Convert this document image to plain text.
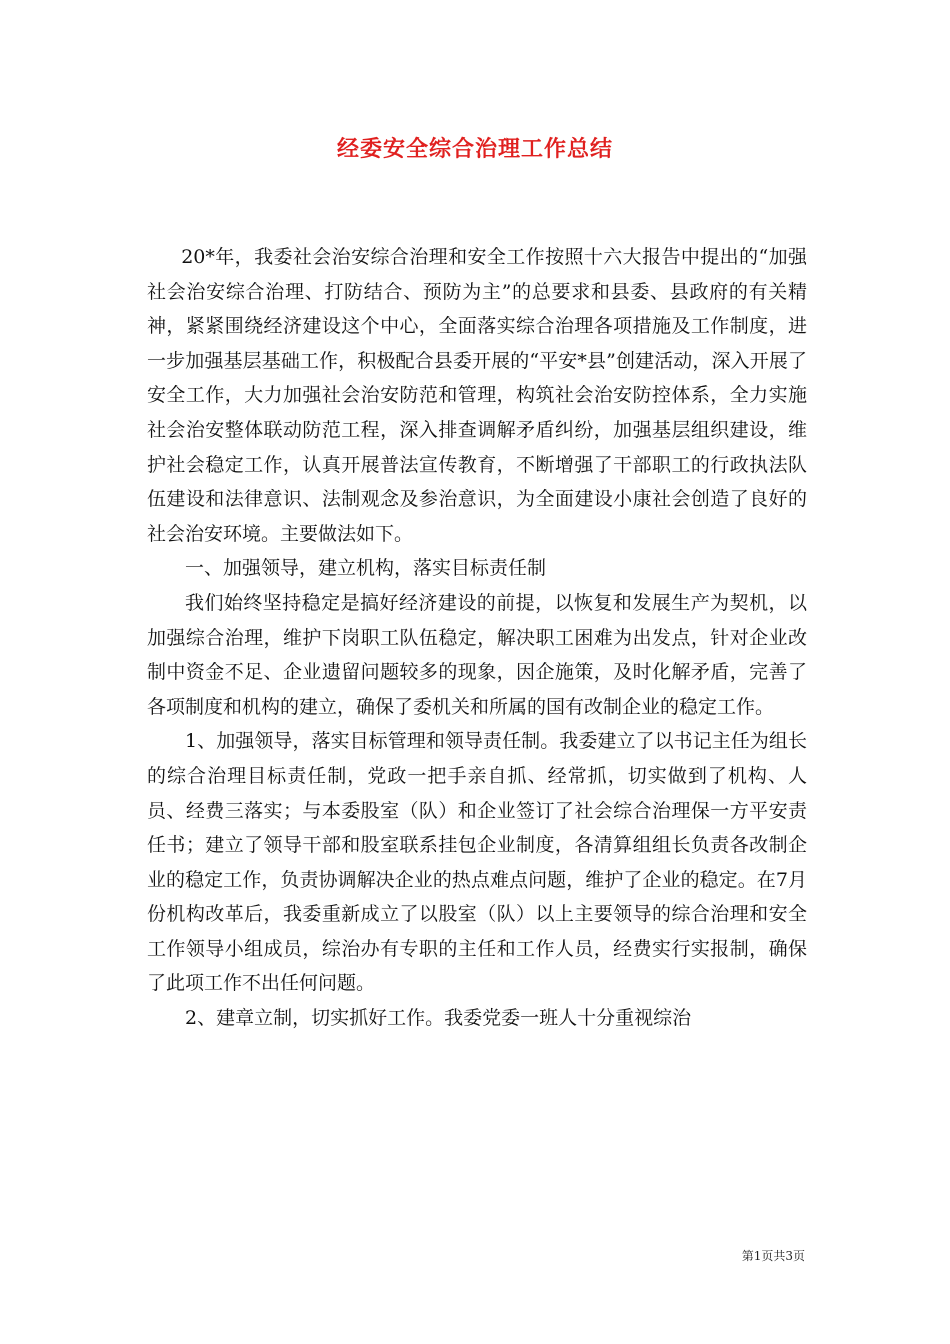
经委安全综合治理工作总结

20*年，我委社会治安综合治理和安全工作按照十六大报告中提出的“加强社会治安综合治理、打防结合、预防为主”的总要求和县委、县政府的有关精神，紧紧围绕经济建设这个中心，全面落实综合治理各项措施及工作制度，进一步加强基层基础工作，积极配合县委开展的“平安*县”创建活动，深入开展了安全工作，大力加强社会治安防范和管理，构筑社会治安防控体系，全力实施社会治安整体联动防范工程，深入排查调解矛盾纠纷，加强基层组织建设，维护社会稳定工作，认真开展普法宣传教育，不断增强了干部职工的行政执法队伍建设和法律意识、法制观念及参治意识，为全面建设小康社会创造了良好的社会治安环境。主要做法如下。

一、加强领导，建立机构，落实目标责任制

我们始终坚持稳定是搞好经济建设的前提，以恢复和发展生产为契机，以加强综合治理，维护下岗职工队伍稳定，解决职工困难为出发点，针对企业改制中资金不足、企业遗留问题较多的现象，因企施策，及时化解矛盾，完善了各项制度和机构的建立，确保了委机关和所属的国有改制企业的稳定工作。

1、加强领导，落实目标管理和领导责任制。我委建立了以书记主任为组长的综合治理目标责任制，党政一把手亲自抓、经常抓，切实做到了机构、人员、经费三落实；与本委股室（队）和企业签订了社会综合治理保一方平安责任书；建立了领导干部和股室联系挂包企业制度，各清算组组长负责各改制企业的稳定工作，负责协调解决企业的热点难点问题，维护了企业的稳定。在7月份机构改革后，我委重新成立了以股室（队）以上主要领导的综合治理和安全工作领导小组成员，综治办有专职的主任和工作人员，经费实行实报制，确保了此项工作不出任何问题。

2、建章立制，切实抓好工作。我委党委一班人十分重视综治

第1页共3页
